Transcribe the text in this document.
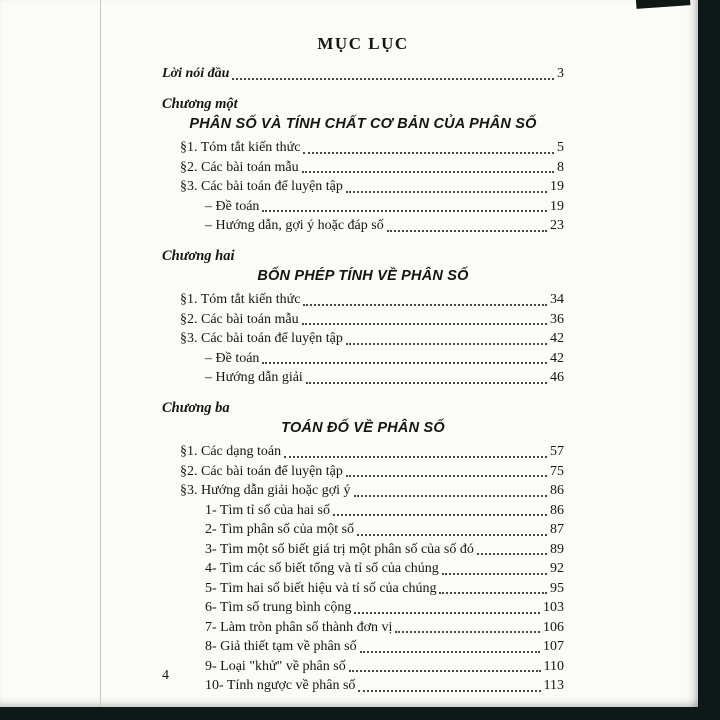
MỤC LỤC
Lời nói đầu	3
Chương một
PHÂN SỐ VÀ TÍNH CHẤT CƠ BẢN CỦA PHÂN SỐ
§1. Tóm tắt kiến thức	5
§2. Các bài toán mẫu	8
§3. Các bài toán để luyện tập	19
– Đề toán	19
– Hướng dẫn, gợi ý hoặc đáp số	23
Chương hai
BỐN PHÉP TÍNH VỀ PHÂN SỐ
§1. Tóm tắt kiến thức	34
§2. Các bài toán mẫu	36
§3. Các bài toán để luyện tập	42
– Đề toán	42
– Hướng dẫn giải	46
Chương ba
TOÁN ĐỐ VỀ PHÂN SỐ
§1. Các dạng toán	57
§2. Các bài toán để luyện tập	75
§3. Hướng dẫn giải hoặc gợi ý	86
1- Tìm tỉ số của hai số	86
2- Tìm phân số của một số	87
3- Tìm một số biết giá trị một phân số của số đó	89
4- Tìm các số biết tổng và tỉ số của chúng	92
5- Tìm hai số biết hiệu và tỉ số của chúng	95
6- Tìm số trung bình cộng	103
7- Làm tròn phân số thành đơn vị	106
8- Giả thiết tạm về phân số	107
9- Loại "khử" về phân số	110
10- Tính ngược về phân số	113
4
